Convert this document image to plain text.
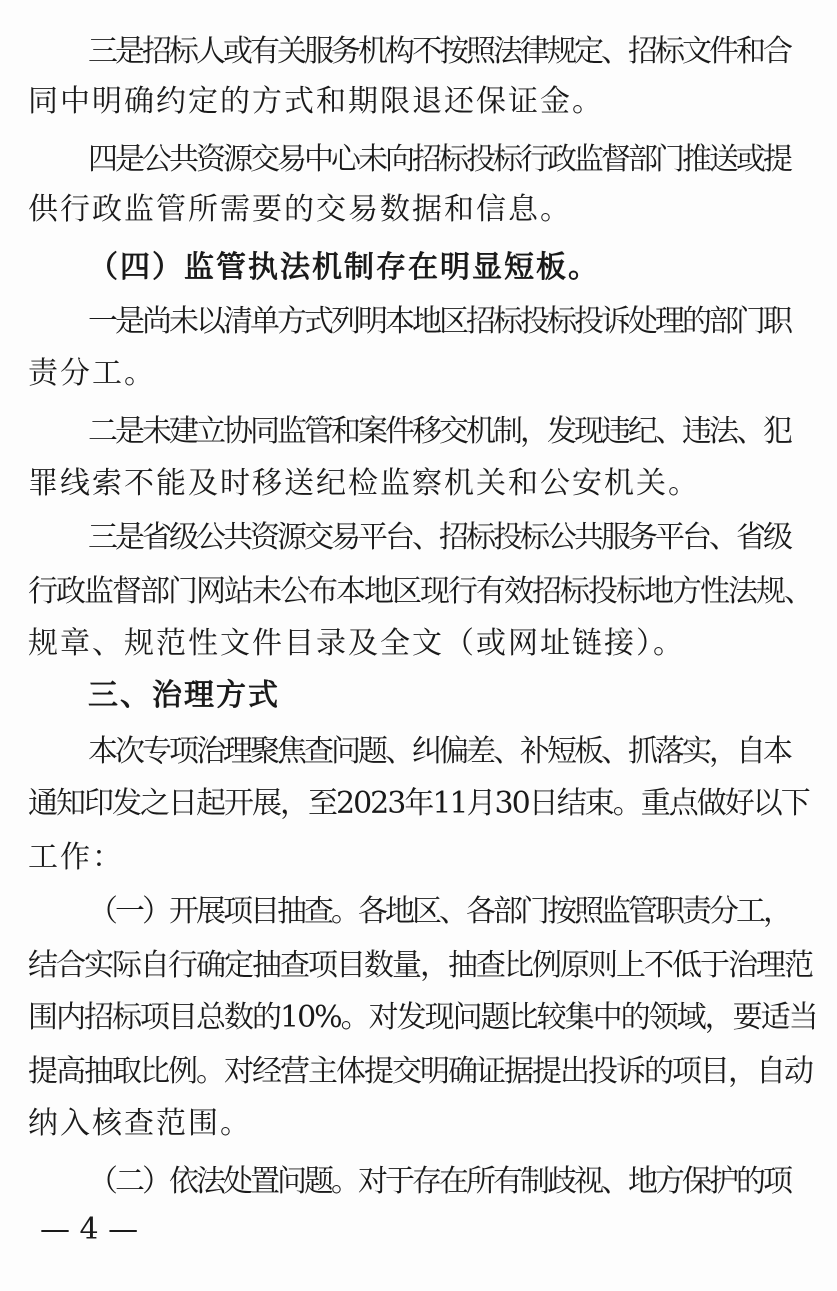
三是招标人或有关服务机构不按照法律规定、招标文件和合
同中明确约定的方式和期限退还保证金。
四是公共资源交易中心未向招标投标行政监督部门推送或提
供行政监管所需要的交易数据和信息。
（四）监管执法机制存在明显短板。
一是尚未以清单方式列明本地区招标投标投诉处理的部门职
责分工。
二是未建立协同监管和案件移交机制，发现违纪、违法、犯
罪线索不能及时移送纪检监察机关和公安机关。
三是省级公共资源交易平台、招标投标公共服务平台、省级
行政监督部门网站未公布本地区现行有效招标投标地方性法规、
规章、规范性文件目录及全文（或网址链接）。
三、治理方式
本次专项治理聚焦查问题、纠偏差、补短板、抓落实，自本
通知印发之日起开展，至2023年11月30日结束。重点做好以下
工作：
（一）开展项目抽查。各地区、各部门按照监管职责分工，
结合实际自行确定抽查项目数量，抽查比例原则上不低于治理范
围内招标项目总数的10%。对发现问题比较集中的领域，要适当
提高抽取比例。对经营主体提交明确证据提出投诉的项目，自动
纳入核查范围。
（二）依法处置问题。对于存在所有制歧视、地方保护的项
— 4 —
